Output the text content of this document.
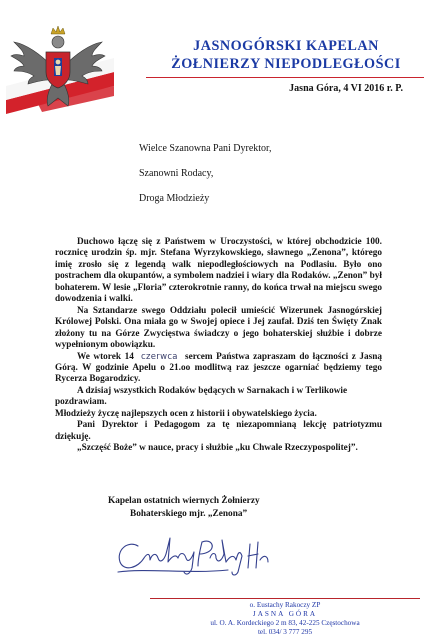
JASNOGÓRSKI KAPELAN
ŻOŁNIERZY NIEPODLEGŁOŚCI
Jasna Góra, 4 VI 2016 r. P.
Wielce Szanowna Pani Dyrektor,
Szanowni Rodacy,
Droga Młodzieży

Duchowo łączę się z Państwem w Uroczystości, w której obchodzicie 100. rocznicę urodzin śp. mjr. Stefana Wyrzykowskiego, sławnego „Zenona”, którego imię zrosło się z legendą walk niepodległościowych na Podlasiu. Było ono postrachem dla okupantów, a symbolem nadziei i wiary dla Rodaków. „Zenon” był bohaterem. W lesie „Floria” czterokrotnie ranny, do końca trwał na miejscu swego dowodzenia i walki.

Na Sztandarze swego Oddziału polecił umieścić Wizerunek Jasnogórskiej Królowej Polski. Ona miała go w Swojej opiece i Jej zaufał. Dziś ten Święty Znak złożony tu na Górze Zwycięstwa świadczy o jego bohaterskiej służbie i dobrze wypełnionym obowiązku.

We wtorek 14 czerwca sercem Państwa zapraszam do łączności z Jasną Górą. W godzinie Apelu o 21.oo modlitwą raz jeszcze ogarniać będziemy tego Rycerza Bogarodzicy.

A dzisiaj wszystkich Rodaków będących w Sarnakach i w Terlikowie pozdrawiam.

Młodzieży życzę najlepszych ocen z historii i obywatelskiego życia.

Pani Dyrektor i Pedagogom za tę niezapomnianą lekcję patriotyzmu dziękuję.

„Szczęść Boże” w nauce, pracy i służbie „ku Chwale Rzeczypospolitej”.

Kapelan ostatnich wiernych Żołnierzy
Bohaterskiego mjr. „Zenona”
o. Eustachy Rakoczy ZP
JASNA GÓRA
ul. O. A. Kordeckiego 2 m 83, 42-225 Częstochowa
tel. 034/ 3 777 295
